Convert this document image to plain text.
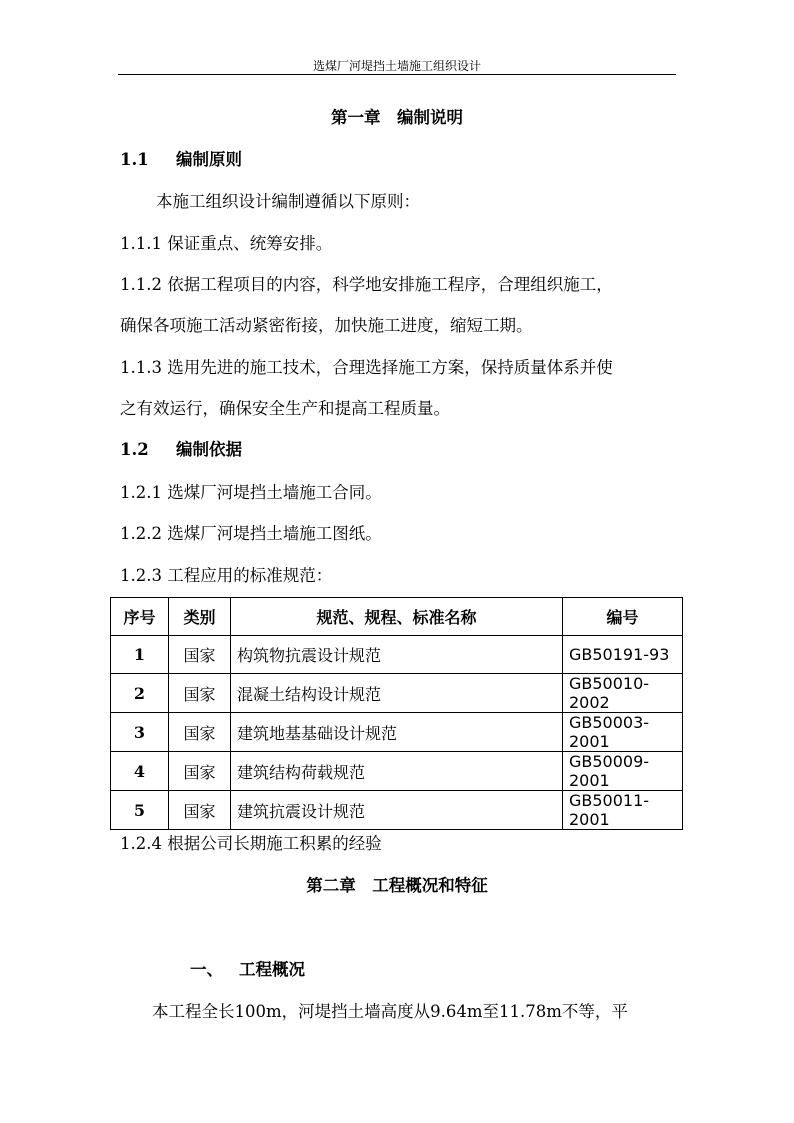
选煤厂河堤挡土墙施工组织设计
第一章　编制说明
1.1 编制原则
本施工组织设计编制遵循以下原则：
1.1.1 保证重点、统筹安排。
1.1.2 依据工程项目的内容，科学地安排施工程序，合理组织施工，
确保各项施工活动紧密衔接，加快施工进度，缩短工期。
1.1.3 选用先进的施工技术，合理选择施工方案，保持质量体系并使
之有效运行，确保安全生产和提高工程质量。
1.2 编制依据
1.2.1 选煤厂河堤挡土墙施工合同。
1.2.2 选煤厂河堤挡土墙施工图纸。
1.2.3 工程应用的标准规范：
序号	类别	规范、规程、标准名称	编号
1	国家	构筑物抗震设计规范	GB50191-93
2	国家	混凝土结构设计规范	GB50010-2002
3	国家	建筑地基基础设计规范	GB50003-2001
4	国家	建筑结构荷载规范	GB50009-2001
5	国家	建筑抗震设计规范	GB50011-2001
1.2.4 根据公司长期施工积累的经验
第二章　工程概况和特征
一、 工程概况
本工程全长100m，河堤挡土墙高度从9.64m至11.78m不等，平
